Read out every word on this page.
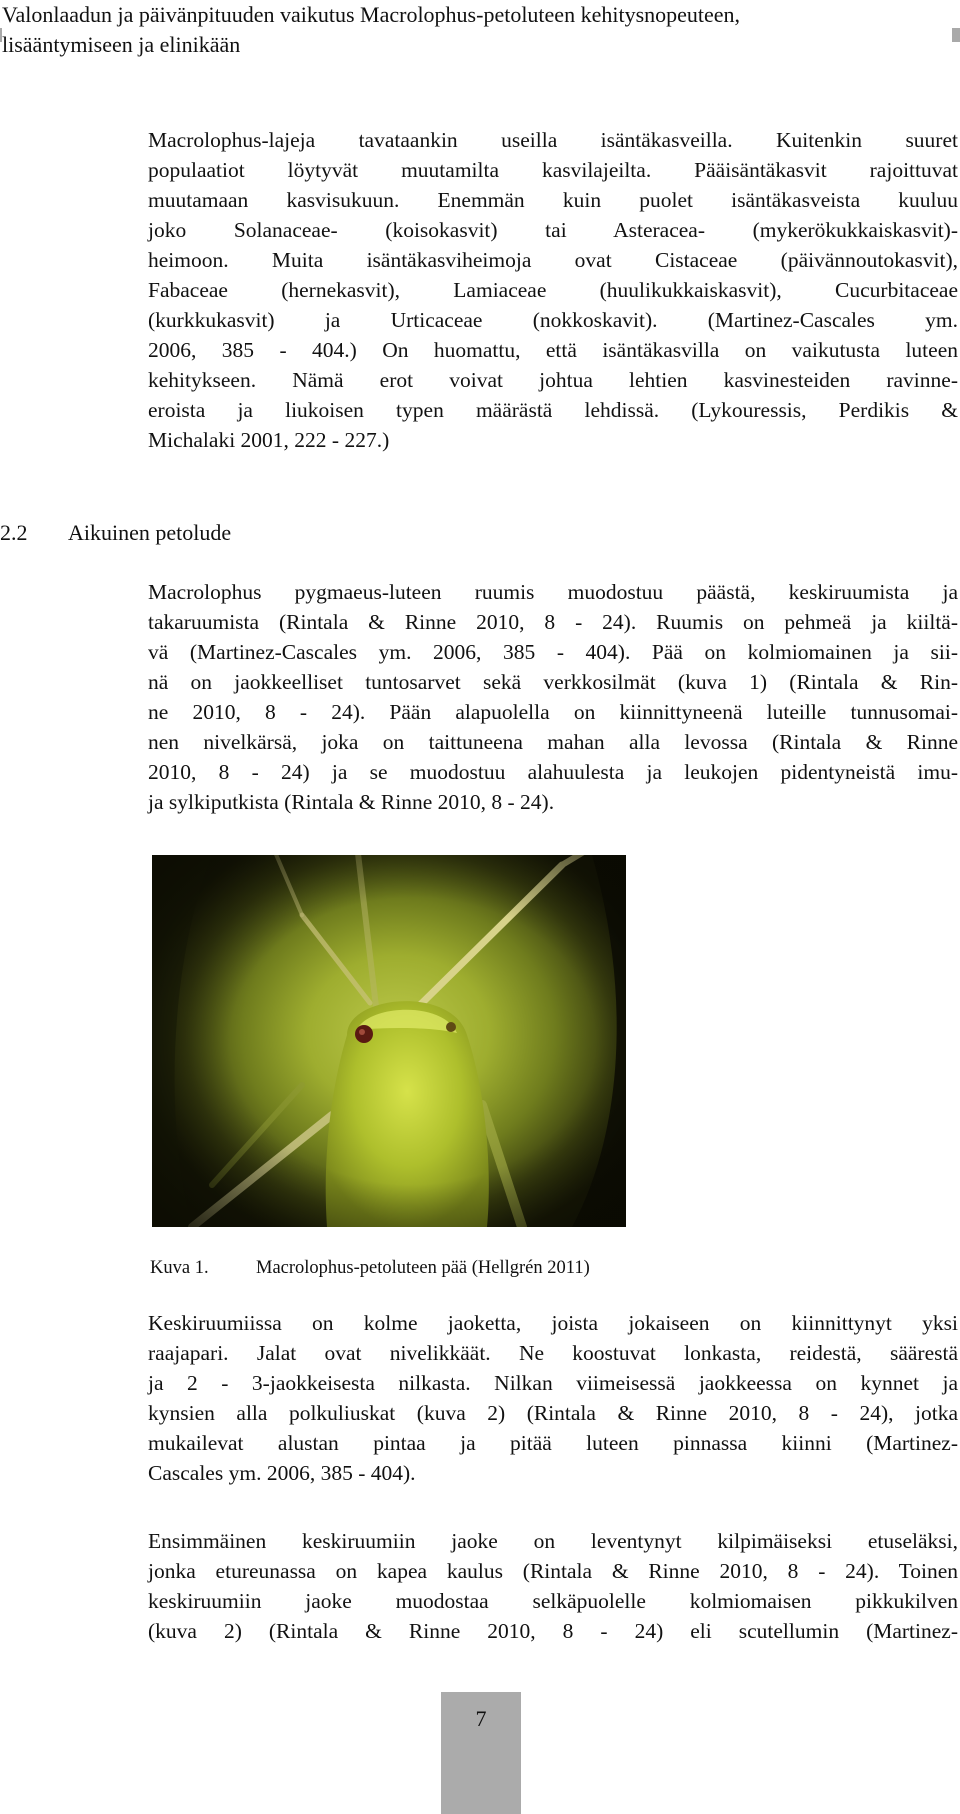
Valonlaadun ja päivänpituuden vaikutus Macrolophus-petoluteen kehitysnopeuteen,
lisääntymiseen ja elinikään
Macrolophus-lajeja tavataankin useilla isäntäkasveilla. Kuitenkin suuret
populaatiot löytyvät muutamilta kasvilajeilta. Pääisäntäkasvit rajoittuvat
muutamaan kasvisukuun. Enemmän kuin puolet isäntäkasveista kuuluu
joko Solanaceae- (koisokasvit) tai Asteracea- (mykerökukkaiskasvit)-
heimoon. Muita isäntäkasviheimoja ovat Cistaceae (päivännoutokasvit),
Fabaceae (hernekasvit), Lamiaceae (huulikukkaiskasvit), Cucurbitaceae
(kurkkukasvit) ja Urticaceae (nokkoskavit). (Martinez-Cascales ym.
2006, 385 - 404.) On huomattu, että isäntäkasvilla on vaikutusta luteen
kehitykseen. Nämä erot voivat johtua lehtien kasvinesteiden ravinne-
eroista ja liukoisen typen määrästä lehdissä. (Lykouressis, Perdikis &
Michalaki 2001, 222 - 227.)
2.2 Aikuinen petolude
Macrolophus pygmaeus-luteen ruumis muodostuu päästä, keskiruumista ja
takaruumista (Rintala & Rinne 2010, 8 - 24). Ruumis on pehmeä ja kiiltä-
vä (Martinez-Cascales ym. 2006, 385 - 404). Pää on kolmiomainen ja sii-
nä on jaokkeelliset tuntosarvet sekä verkkosilmät (kuva 1) (Rintala & Rin-
ne 2010, 8 - 24). Pään alapuolella on kiinnittyneenä luteille tunnusomai-
nen nivelkärsä, joka on taittuneena mahan alla levossa (Rintala & Rinne
2010, 8 - 24) ja se muodostuu alahuulesta ja leukojen pidentyneistä imu-
ja sylkiputkista (Rintala & Rinne 2010, 8 - 24).
Kuva 1.	Macrolophus-petoluteen pää (Hellgrén 2011)
Keskiruumiissa on kolme jaoketta, joista jokaiseen on kiinnittynyt yksi
raajapari. Jalat ovat nivelikkäät. Ne koostuvat lonkasta, reidestä, säärestä
ja 2 - 3-jaokkeisesta nilkasta. Nilkan viimeisessä jaokkeessa on kynnet ja
kynsien alla polkuliuskat (kuva 2) (Rintala & Rinne 2010, 8 - 24), jotka
mukailevat alustan pintaa ja pitää luteen pinnassa kiinni (Martinez-
Cascales ym. 2006, 385 - 404).
Ensimmäinen keskiruumiin jaoke on leventynyt kilpimäiseksi etuseläksi,
jonka etureunassa on kapea kaulus (Rintala & Rinne 2010, 8 - 24). Toinen
keskiruumiin jaoke muodostaa selkäpuolelle kolmiomaisen pikkukilven
(kuva 2) (Rintala & Rinne 2010, 8 - 24) eli scutellumin (Martinez-
7
